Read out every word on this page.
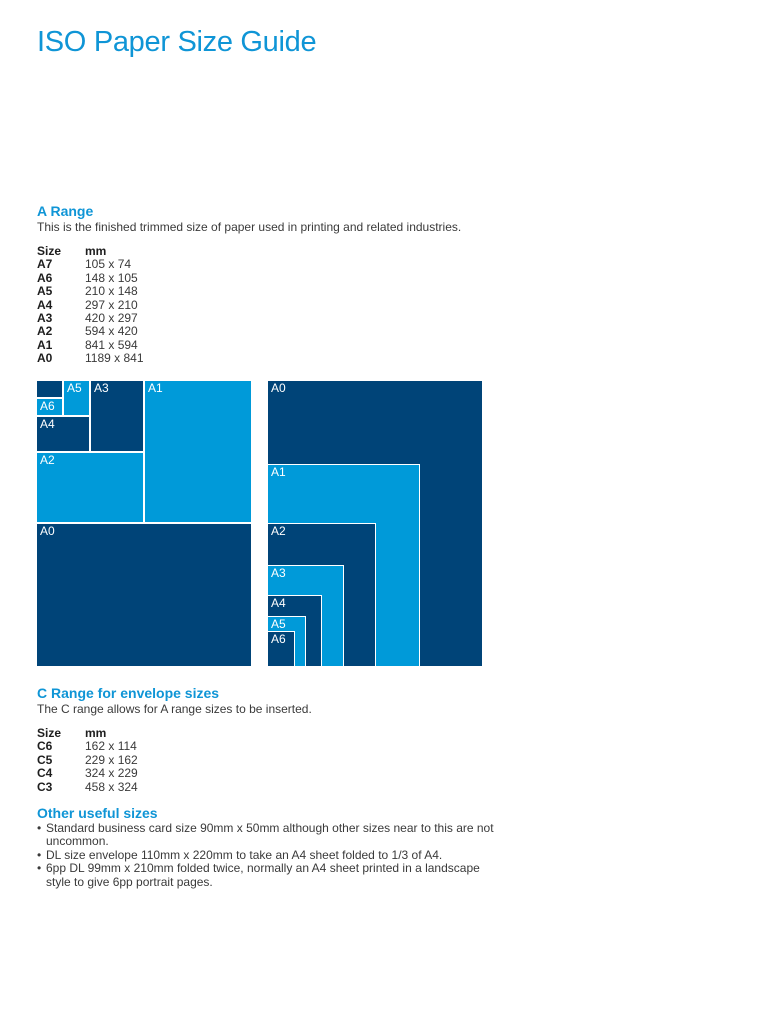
ISO Paper Size Guide
A Range
This is the finished trimmed size of paper used in printing and related industries.
Size	mm
A7	105 x 74
A6	148 x 105
A5	210 x 148
A4	297 x 210
A3	420 x 297
A2	594 x 420
A1	841 x 594
A0	1189 x 841
A0
A1
A2
A3
A4
A5
A6
A0
A1
A2
A3
A4
A5
A6
C Range for envelope sizes
The C range allows for A range sizes to be inserted.
Size	mm
C6	162 x 114
C5	229 x 162
C4	324 x 229
C3	458 x 324
Other useful sizes
• Standard business card size 90mm x 50mm although other sizes near to this are not uncommon.
• DL size envelope 110mm x 220mm to take an A4 sheet folded to 1/3 of A4.
• 6pp DL 99mm x 210mm folded twice, normally an A4 sheet printed in a landscape style to give 6pp portrait pages.
